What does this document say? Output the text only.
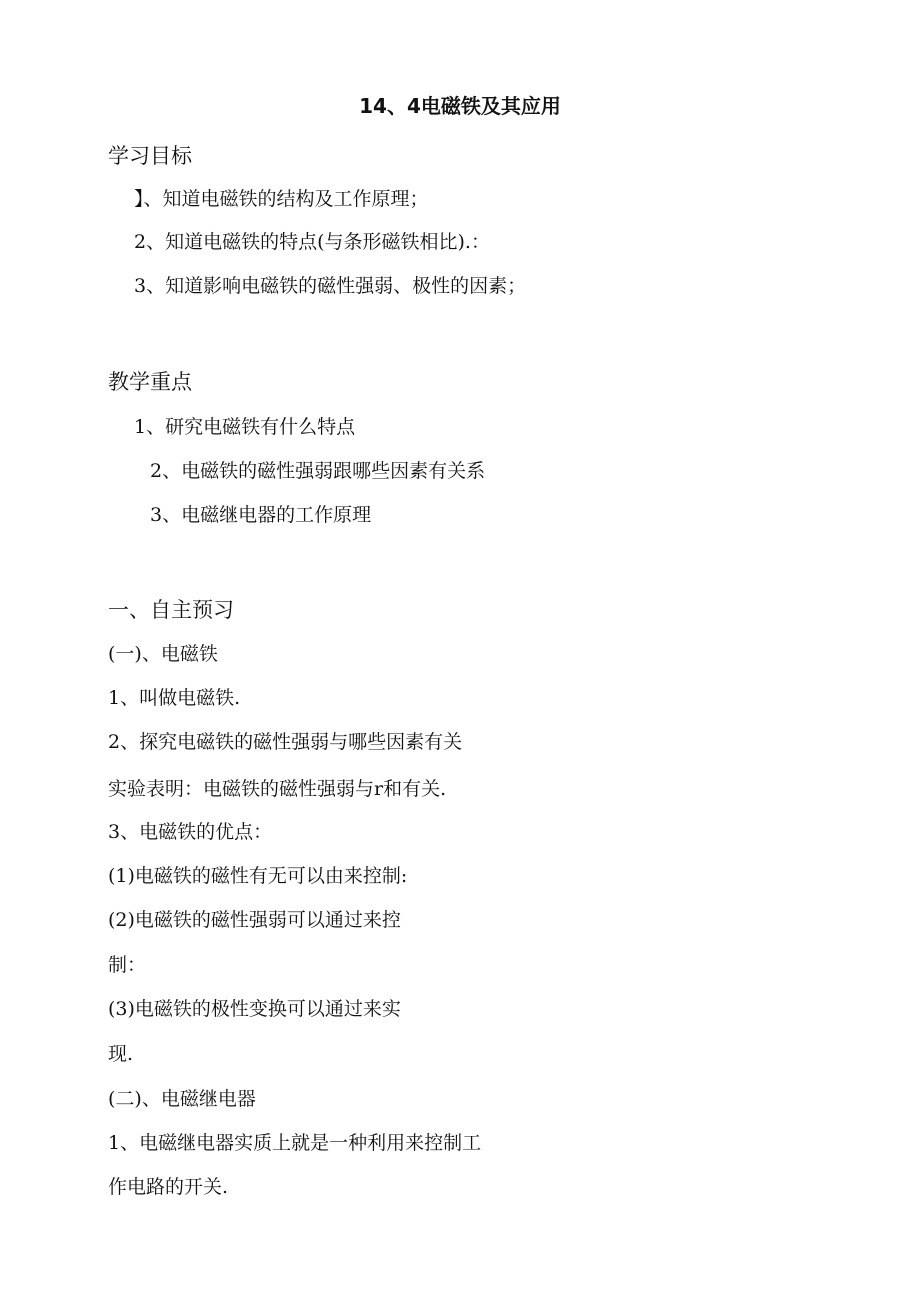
14、4电磁铁及其应用
学习目标
】、知道电磁铁的结构及工作原理；
2、知道电磁铁的特点(与条形磁铁相比).：
3、知道影响电磁铁的磁性强弱、极性的因素；
教学重点
1、研究电磁铁有什么特点
2、电磁铁的磁性强弱跟哪些因素有关系
3、电磁继电器的工作原理
一、自主预习
(一)、电磁铁
1、叫做电磁铁.
2、探究电磁铁的磁性强弱与哪些因素有关
实验表明：电磁铁的磁性强弱与r和有关.
3、电磁铁的优点：
(1)电磁铁的磁性有无可以由来控制:
(2)电磁铁的磁性强弱可以通过来控
制：
(3)电磁铁的极性变换可以通过来实
现.
(二)、电磁继电器
1、电磁继电器实质上就是一种利用来控制工
作电路的开关.
